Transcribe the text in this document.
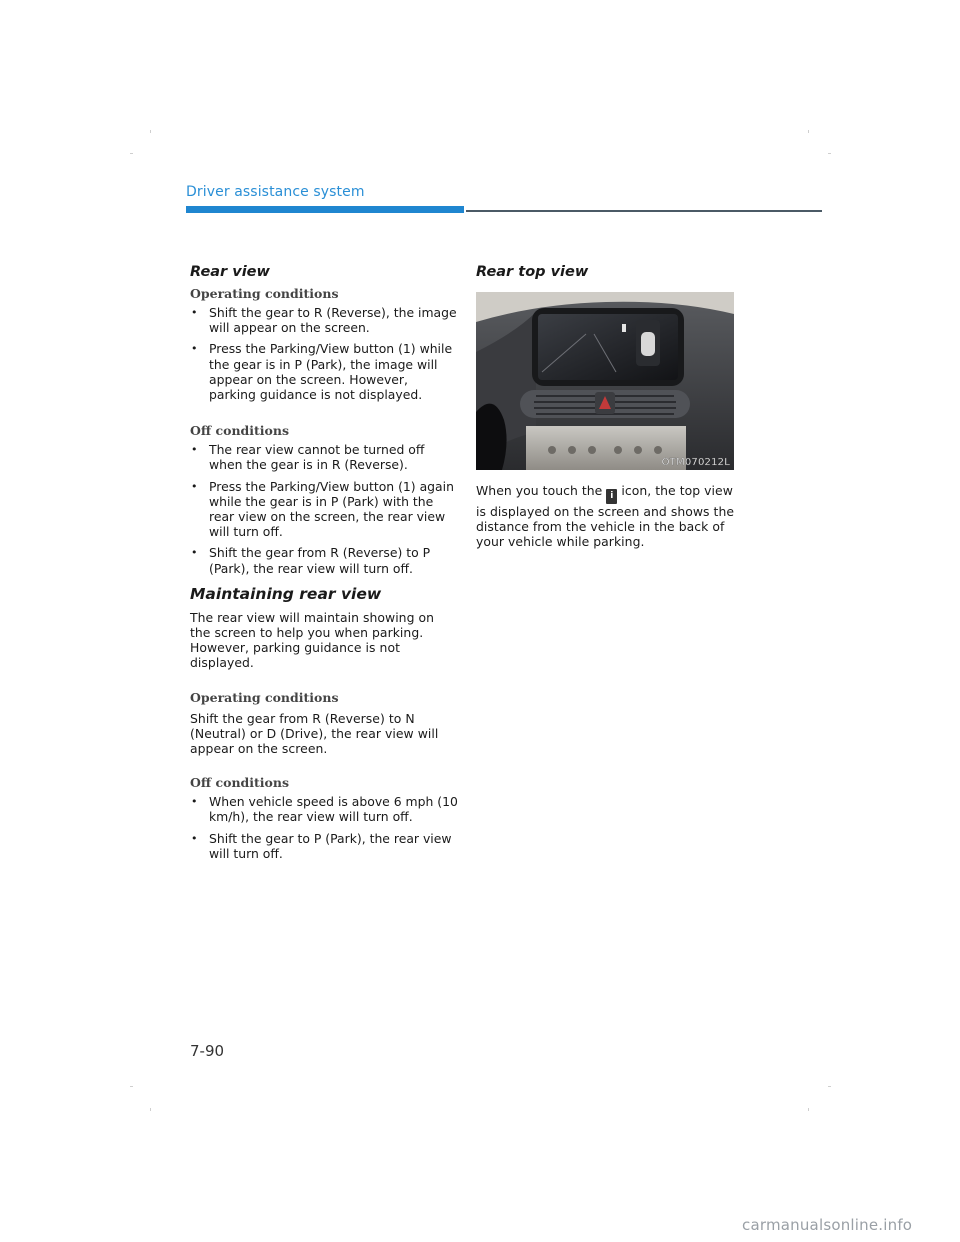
Driver assistance system
Rear view
Operating conditions
• Shift the gear to R (Reverse), the image will appear on the screen.
• Press the Parking/View button (1) while the gear is in P (Park), the image will appear on the screen. However, parking guidance is not displayed.
Off conditions
• The rear view cannot be turned off when the gear is in R (Reverse).
• Press the Parking/View button (1) again while the gear is in P (Park) with the rear view on the screen, the rear view will turn off.
• Shift the gear from R (Reverse) to P (Park), the rear view will turn off.
Maintaining rear view

The rear view will maintain showing on the screen to help you when parking. However, parking guidance is not displayed.

Operating conditions

Shift the gear from R (Reverse) to N (Neutral) or D (Drive), the rear view will appear on the screen.

Off conditions
• When vehicle speed is above 6 mph (10 km/h), the rear view will turn off.
• Shift the gear to P (Park), the rear view will turn off.
Rear top view
OTM070212L

When you touch the i icon, the top view is displayed on the screen and shows the distance from the vehicle in the back of your vehicle while parking.

7-90
carmanualsonline.info
